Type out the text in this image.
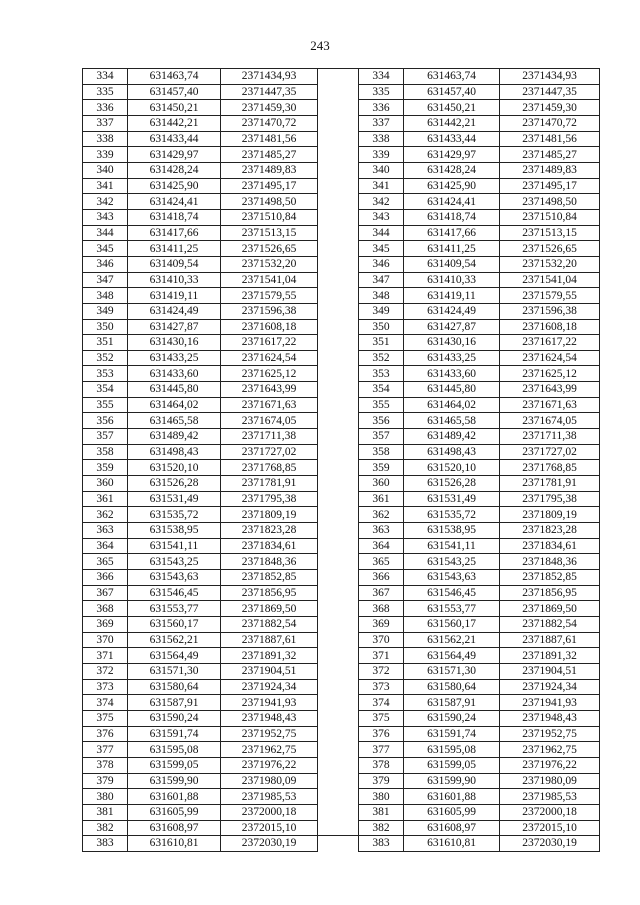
243
334	631463,74	2371434,93
335	631457,40	2371447,35
336	631450,21	2371459,30
337	631442,21	2371470,72
338	631433,44	2371481,56
339	631429,97	2371485,27
340	631428,24	2371489,83
341	631425,90	2371495,17
342	631424,41	2371498,50
343	631418,74	2371510,84
344	631417,66	2371513,15
345	631411,25	2371526,65
346	631409,54	2371532,20
347	631410,33	2371541,04
348	631419,11	2371579,55
349	631424,49	2371596,38
350	631427,87	2371608,18
351	631430,16	2371617,22
352	631433,25	2371624,54
353	631433,60	2371625,12
354	631445,80	2371643,99
355	631464,02	2371671,63
356	631465,58	2371674,05
357	631489,42	2371711,38
358	631498,43	2371727,02
359	631520,10	2371768,85
360	631526,28	2371781,91
361	631531,49	2371795,38
362	631535,72	2371809,19
363	631538,95	2371823,28
364	631541,11	2371834,61
365	631543,25	2371848,36
366	631543,63	2371852,85
367	631546,45	2371856,95
368	631553,77	2371869,50
369	631560,17	2371882,54
370	631562,21	2371887,61
371	631564,49	2371891,32
372	631571,30	2371904,51
373	631580,64	2371924,34
374	631587,91	2371941,93
375	631590,24	2371948,43
376	631591,74	2371952,75
377	631595,08	2371962,75
378	631599,05	2371976,22
379	631599,90	2371980,09
380	631601,88	2371985,53
381	631605,99	2372000,18
382	631608,97	2372015,10
383	631610,81	2372030,19
334	631463,74	2371434,93
335	631457,40	2371447,35
336	631450,21	2371459,30
337	631442,21	2371470,72
338	631433,44	2371481,56
339	631429,97	2371485,27
340	631428,24	2371489,83
341	631425,90	2371495,17
342	631424,41	2371498,50
343	631418,74	2371510,84
344	631417,66	2371513,15
345	631411,25	2371526,65
346	631409,54	2371532,20
347	631410,33	2371541,04
348	631419,11	2371579,55
349	631424,49	2371596,38
350	631427,87	2371608,18
351	631430,16	2371617,22
352	631433,25	2371624,54
353	631433,60	2371625,12
354	631445,80	2371643,99
355	631464,02	2371671,63
356	631465,58	2371674,05
357	631489,42	2371711,38
358	631498,43	2371727,02
359	631520,10	2371768,85
360	631526,28	2371781,91
361	631531,49	2371795,38
362	631535,72	2371809,19
363	631538,95	2371823,28
364	631541,11	2371834,61
365	631543,25	2371848,36
366	631543,63	2371852,85
367	631546,45	2371856,95
368	631553,77	2371869,50
369	631560,17	2371882,54
370	631562,21	2371887,61
371	631564,49	2371891,32
372	631571,30	2371904,51
373	631580,64	2371924,34
374	631587,91	2371941,93
375	631590,24	2371948,43
376	631591,74	2371952,75
377	631595,08	2371962,75
378	631599,05	2371976,22
379	631599,90	2371980,09
380	631601,88	2371985,53
381	631605,99	2372000,18
382	631608,97	2372015,10
383	631610,81	2372030,19
